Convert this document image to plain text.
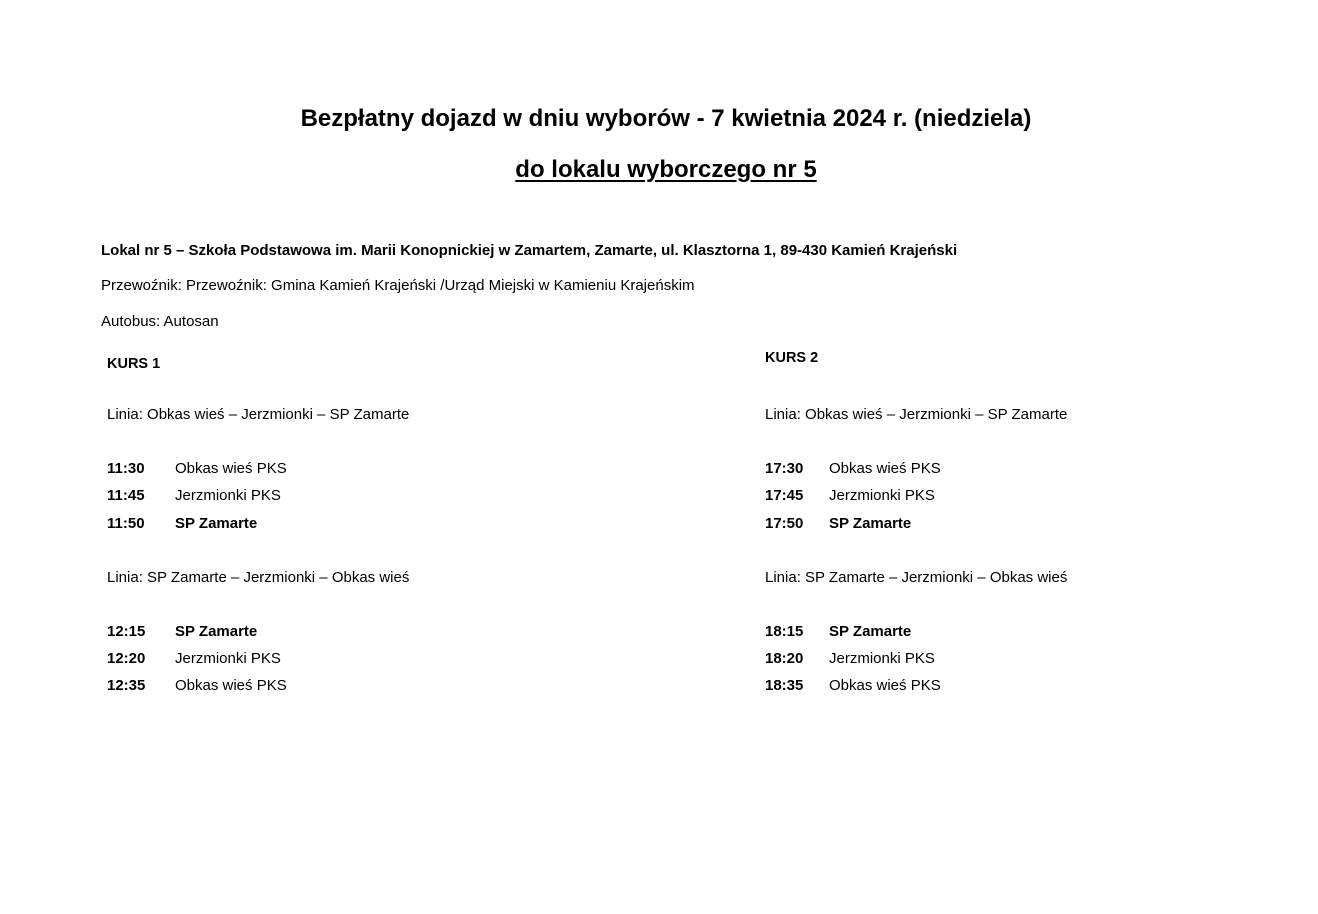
Bezpłatny dojazd w dniu wyborów - 7 kwietnia 2024 r. (niedziela)
do lokalu wyborczego nr 5
Lokal nr 5 – Szkoła Podstawowa im. Marii Konopnickiej w Zamartem, Zamarte, ul. Klasztorna 1, 89-430 Kamień Krajeński
Przewoźnik: Przewoźnik: Gmina Kamień Krajeński /Urząd Miejski w Kamieniu Krajeńskim
Autobus: Autosan
KURS 1
Linia: Obkas wieś – Jerzmionki – SP Zamarte
11:30 Obkas wieś PKS
11:45 Jerzmionki PKS
11:50 SP Zamarte
Linia: SP Zamarte – Jerzmionki – Obkas wieś
12:15 SP Zamarte
12:20 Jerzmionki PKS
12:35 Obkas wieś PKS
KURS 2
Linia: Obkas wieś – Jerzmionki – SP Zamarte
17:30 Obkas wieś PKS
17:45 Jerzmionki PKS
17:50 SP Zamarte
Linia: SP Zamarte – Jerzmionki – Obkas wieś
18:15 SP Zamarte
18:20 Jerzmionki PKS
18:35 Obkas wieś PKS
